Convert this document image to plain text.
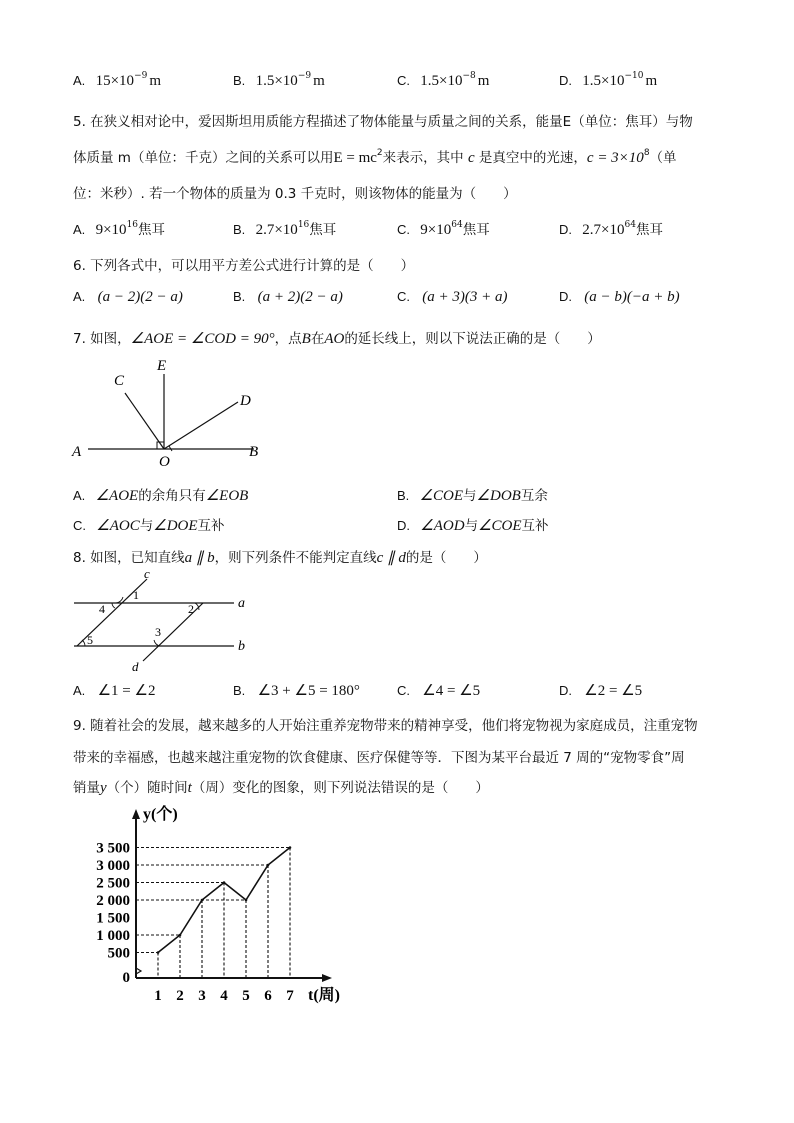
A. $15\times 10^{-9}$ m	B. $1.5\times 10^{-9}$ m	C. $1.5\times 10^{-8}$ m	D. $1.5\times 10^{-10}$ m
5. 在狭义相对论中，爱因斯坦用质能方程描述了物体能量与质量之间的关系，能量E（单位：焦耳）与物
体质量 m（单位：千克）之间的关系可以用$E = mc^2$来表示，其中 c 是真空中的光速，$c = 3\times 10^8$（单
位：米秒）. 若一个物体的质量为 0.3 千克时，则该物体的能量为（　　）
A. $9\times 10^{16}$焦耳	B. $2.7\times 10^{16}$焦耳	C. $9\times 10^{64}$焦耳	D. $2.7\times 10^{64}$焦耳
6. 下列各式中，可以用平方差公式进行计算的是（　　）
A. (a − 2)(2 − a)	B. (a + 2)(2 − a)	C. (a + 3)(3 + a)	D. (a − b)(−a + b)
7. 如图，∠AOE = ∠COD = 90°，点B在AO的延长线上，则以下说法正确的是（　　）
A	B
C
D
E
O
A. ∠AOE的余角只有∠EOB	B. ∠COE与∠DOB互余
C. ∠AOC与∠DOE互补	D. ∠AOD与∠COE互补
8. 如图，已知直线a ∥ b，则下列条件不能判定直线c ∥ d的是（　　）
c
a
b
d
1
2
3
4
5
A. ∠1 = ∠2	B. ∠3 + ∠5 = 180°	C. ∠4 = ∠5	D. ∠2 = ∠5
9. 随着社会的发展，越来越多的人开始注重养宠物带来的精神享受，他们将宠物视为家庭成员，注重宠物
带来的幸福感，也越来越注重宠物的饮食健康、医疗保健等等．下图为某平台最近 7 周的“宠物零食”周
销量y（个）随时间t（周）变化的图象，则下列说法错误的是（　　）
y(个)
t(周)
0
500
1 000
1 500
2 000
2 500
3 000
3 500
1 2 3 4 5 6 7
